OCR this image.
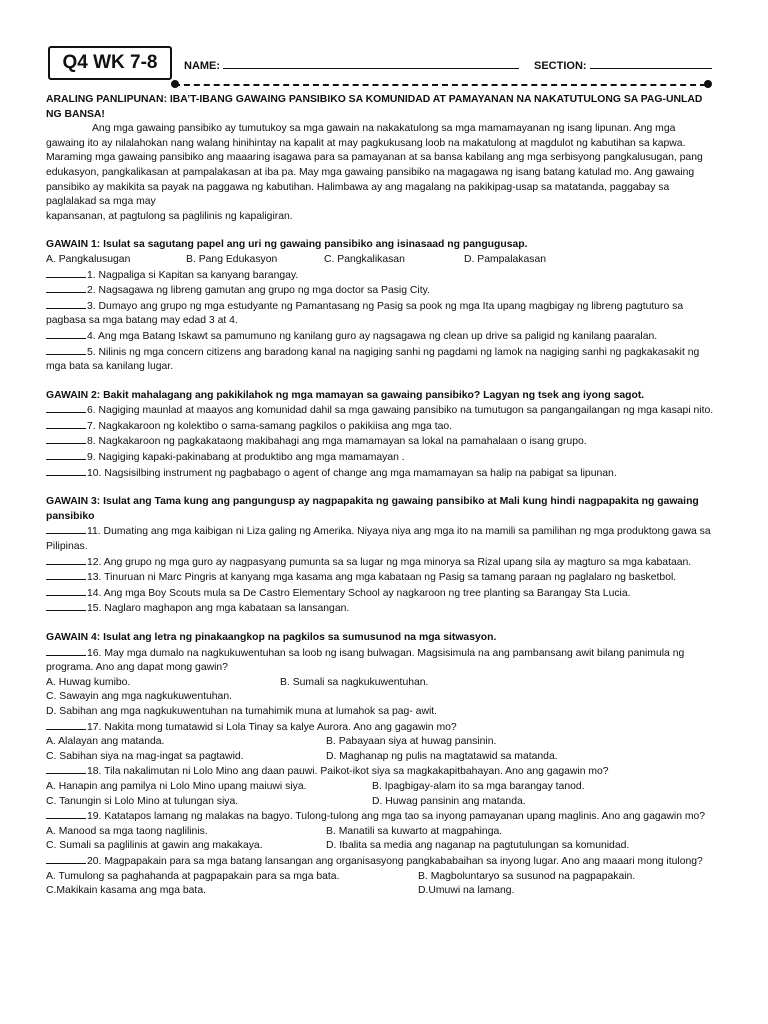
Q4 WK 7-8	NAME:	SECTION:

ARALING PANLIPUNAN: IBA’T-IBANG GAWAING PANSIBIKO SA KOMUNIDAD AT PAMAYANAN NA NAKATUTULONG SA PAG-UNLAD NG BANSA!

Ang mga gawaing pansibiko ay tumutukoy sa mga gawain na nakakatulong sa mga mamamayanan ng isang lipunan. Ang mga gawaing ito ay nilalahokan nang walang hinihintay na kapalit at may pagkukusang loob na makatulong at magdulot ng kabutihan sa kapwa. Maraming mga gawaing pansibiko ang maaaring isagawa para sa pamayanan at sa bansa kabilang ang mga serbisyong pangkalusugan, pang edukasyon, pangkalikasan at pampalakasan at iba pa. May mga gawaing pansibiko na magagawa ng isang batang katulad mo. Ang gawaing pansibiko ay makikita sa payak na paggawa ng kabutihan. Halimbawa ay ang magalang na pakikipag-usap sa matatanda, paggabay sa paglalakad sa mga may

kapansanan, at pagtulong sa paglilinis ng kapaligiran.

GAWAIN 1: Isulat sa sagutang papel ang uri ng gawaing pansibiko ang isinasaad ng pangugusap.

A. Pangkalusugan	B. Pang Edukasyon	C. Pangkalikasan	D. Pampalakasan

1. Nagpaliga si Kapitan sa kanyang barangay.

2. Nagsagawa ng libreng gamutan ang grupo ng mga doctor sa Pasig City.

3. Dumayo ang grupo ng mga estudyante ng Pamantasang ng Pasig sa pook ng mga Ita upang magbigay ng libreng pagtuturo sa pagbasa sa mga batang may edad 3 at 4.

4. Ang mga Batang Iskawt sa pamumuno ng kanilang guro ay nagsagawa ng clean up drive sa paligid ng kanilang paaralan.

5. Nilinis ng mga concern citizens ang baradong kanal na nagiging sanhi ng pagdami ng lamok na nagiging sanhi ng pagkakasakit ng mga bata sa kanilang lugar.

GAWAIN 2: Bakit mahalagang ang pakikilahok ng mga mamayan sa gawaing pansibiko? Lagyan ng tsek ang iyong sagot.

6. Nagiging maunlad at maayos ang komunidad dahil sa mga gawaing pansibiko na tumutugon sa pangangailangan ng mga kasapi nito.

7. Nagkakaroon ng kolektibo o sama-samang pagkilos o pakikiisa ang mga tao.

8. Nagkakaroon ng pagkakataong makibahagi ang mga mamamayan sa lokal na pamahalaan o isang grupo.

9. Nagiging kapaki-pakinabang at produktibo ang mga mamamayan .

10. Nagsisilbing instrument ng pagbabago o agent of change ang mga mamamayan sa halip na pabigat sa lipunan.

GAWAIN 3: Isulat ang Tama kung ang pangungusp ay nagpapakita ng gawaing pansibiko at Mali kung hindi nagpapakita ng gawaing pansibiko

11. Dumating ang mga kaibigan ni Liza galing ng Amerika. Niyaya niya ang mga ito na mamili sa pamilihan ng mga produktong gawa sa Pilipinas.

12. Ang grupo ng mga guro ay nagpasyang pumunta sa sa lugar ng mga minorya sa Rizal upang sila ay magturo sa mga kabataan.

13. Tinuruan ni Marc Pingris at kanyang mga kasama ang mga kabataan ng Pasig sa tamang paraan ng paglalaro ng basketbol.

14. Ang mga Boy Scouts mula sa De Castro Elementary School ay nagkaroon ng tree planting sa Barangay Sta Lucia.

15. Naglaro maghapon ang mga kabataan sa lansangan.

GAWAIN 4: Isulat ang letra ng pinakaangkop na pagkilos sa sumusunod na mga sitwasyon.

16. May mga dumalo na nagkukuwentuhan sa loob ng isang bulwagan. Magsisimula na ang pambansang awit bilang panimula ng programa. Ano ang dapat mong gawin?

A. Huwag kumibo.	B. Sumali sa nagkukuwentuhan.

C. Sawayin ang mga nagkukuwentuhan.

D. Sabihan ang mga nagkukuwentuhan na tumahimik muna at lumahok sa pag- awit.

17. Nakita mong tumatawid si Lola Tinay sa kalye Aurora. Ano ang gagawin mo?

A. Alalayan ang matanda.	B. Pabayaan siya at huwag pansinin.
C. Sabihan siya na mag-ingat sa pagtawid.	D. Maghanap ng pulis na magtatawid sa matanda.

18. Tila nakalimutan ni Lolo Mino ang daan pauwi. Paikot-ikot siya sa magkakapitbahayan. Ano ang gagawin mo?

A. Hanapin ang pamilya ni Lolo Mino upang maiuwi siya.	B. Ipagbigay-alam ito sa mga barangay tanod.
C. Tanungin si Lolo Mino at tulungan siya.	D. Huwag pansinin ang matanda.

19. Katatapos lamang ng malakas na bagyo. Tulong-tulong ang mga tao sa inyong pamayanan upang maglinis. Ano ang gagawin mo?

A. Manood sa mga taong naglilinis.	B. Manatili sa kuwarto at magpahinga.
C. Sumali sa paglilinis at gawin ang makakaya.	D. Ibalita sa media ang naganap na pagtutulungan sa komunidad.

20. Magpapakain para sa mga batang lansangan ang organisasyong pangkababaihan sa inyong lugar. Ano ang maaari mong itulong?

A. Tumulong sa paghahanda at pagpapakain para sa mga bata.	B. Magboluntaryo sa susunod na pagpapakain.
C.Makikain kasama ang mga bata.	D.Umuwi na lamang.
